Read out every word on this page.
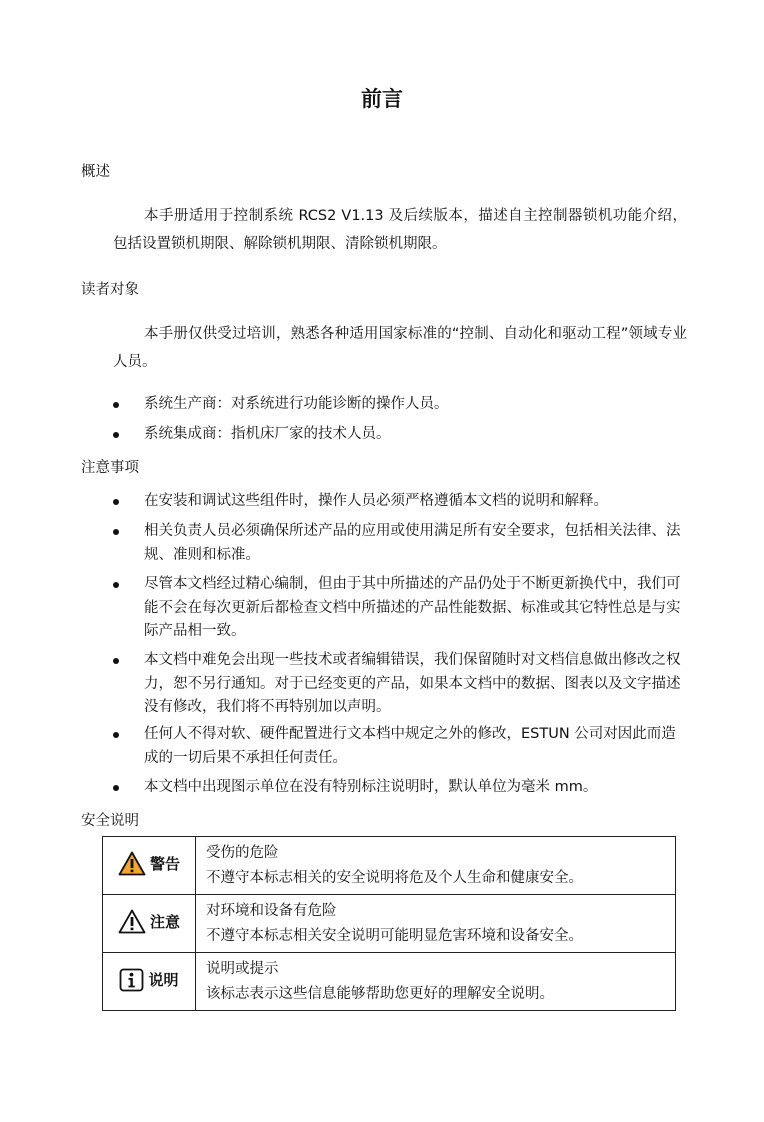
前言
概述
本手册适用于控制系统 RCS2 V1.13 及后续版本，描述自主控制器锁机功能介绍，包括设置锁机期限、解除锁机期限、清除锁机期限。
读者对象
本手册仅供受过培训，熟悉各种适用国家标准的“控制、自动化和驱动工程”领域专业人员。
系统生产商：对系统进行功能诊断的操作人员。
系统集成商：指机床厂家的技术人员。
注意事项
在安装和调试这些组件时，操作人员必须严格遵循本文档的说明和解释。
相关负责人员必须确保所述产品的应用或使用满足所有安全要求，包括相关法律、法规、准则和标准。
尽管本文档经过精心编制，但由于其中所描述的产品仍处于不断更新换代中，我们可能不会在每次更新后都检查文档中所描述的产品性能数据、标准或其它特性总是与实际产品相一致。
本文档中难免会出现一些技术或者编辑错误，我们保留随时对文档信息做出修改之权力，恕不另行通知。对于已经变更的产品，如果本文档中的数据、图表以及文字描述没有修改，我们将不再特别加以声明。
任何人不得对软、硬件配置进行文本档中规定之外的修改，ESTUN 公司对因此而造成的一切后果不承担任何责任。
本文档中出现图示单位在没有特别标注说明时，默认单位为毫米 mm。
安全说明
警告	受伤的危险
不遵守本标志相关的安全说明将危及个人生命和健康安全。

注意	对环境和设备有危险
不遵守本标志相关安全说明可能明显危害环境和设备安全。

说明	说明或提示
该标志表示这些信息能够帮助您更好的理解安全说明。
